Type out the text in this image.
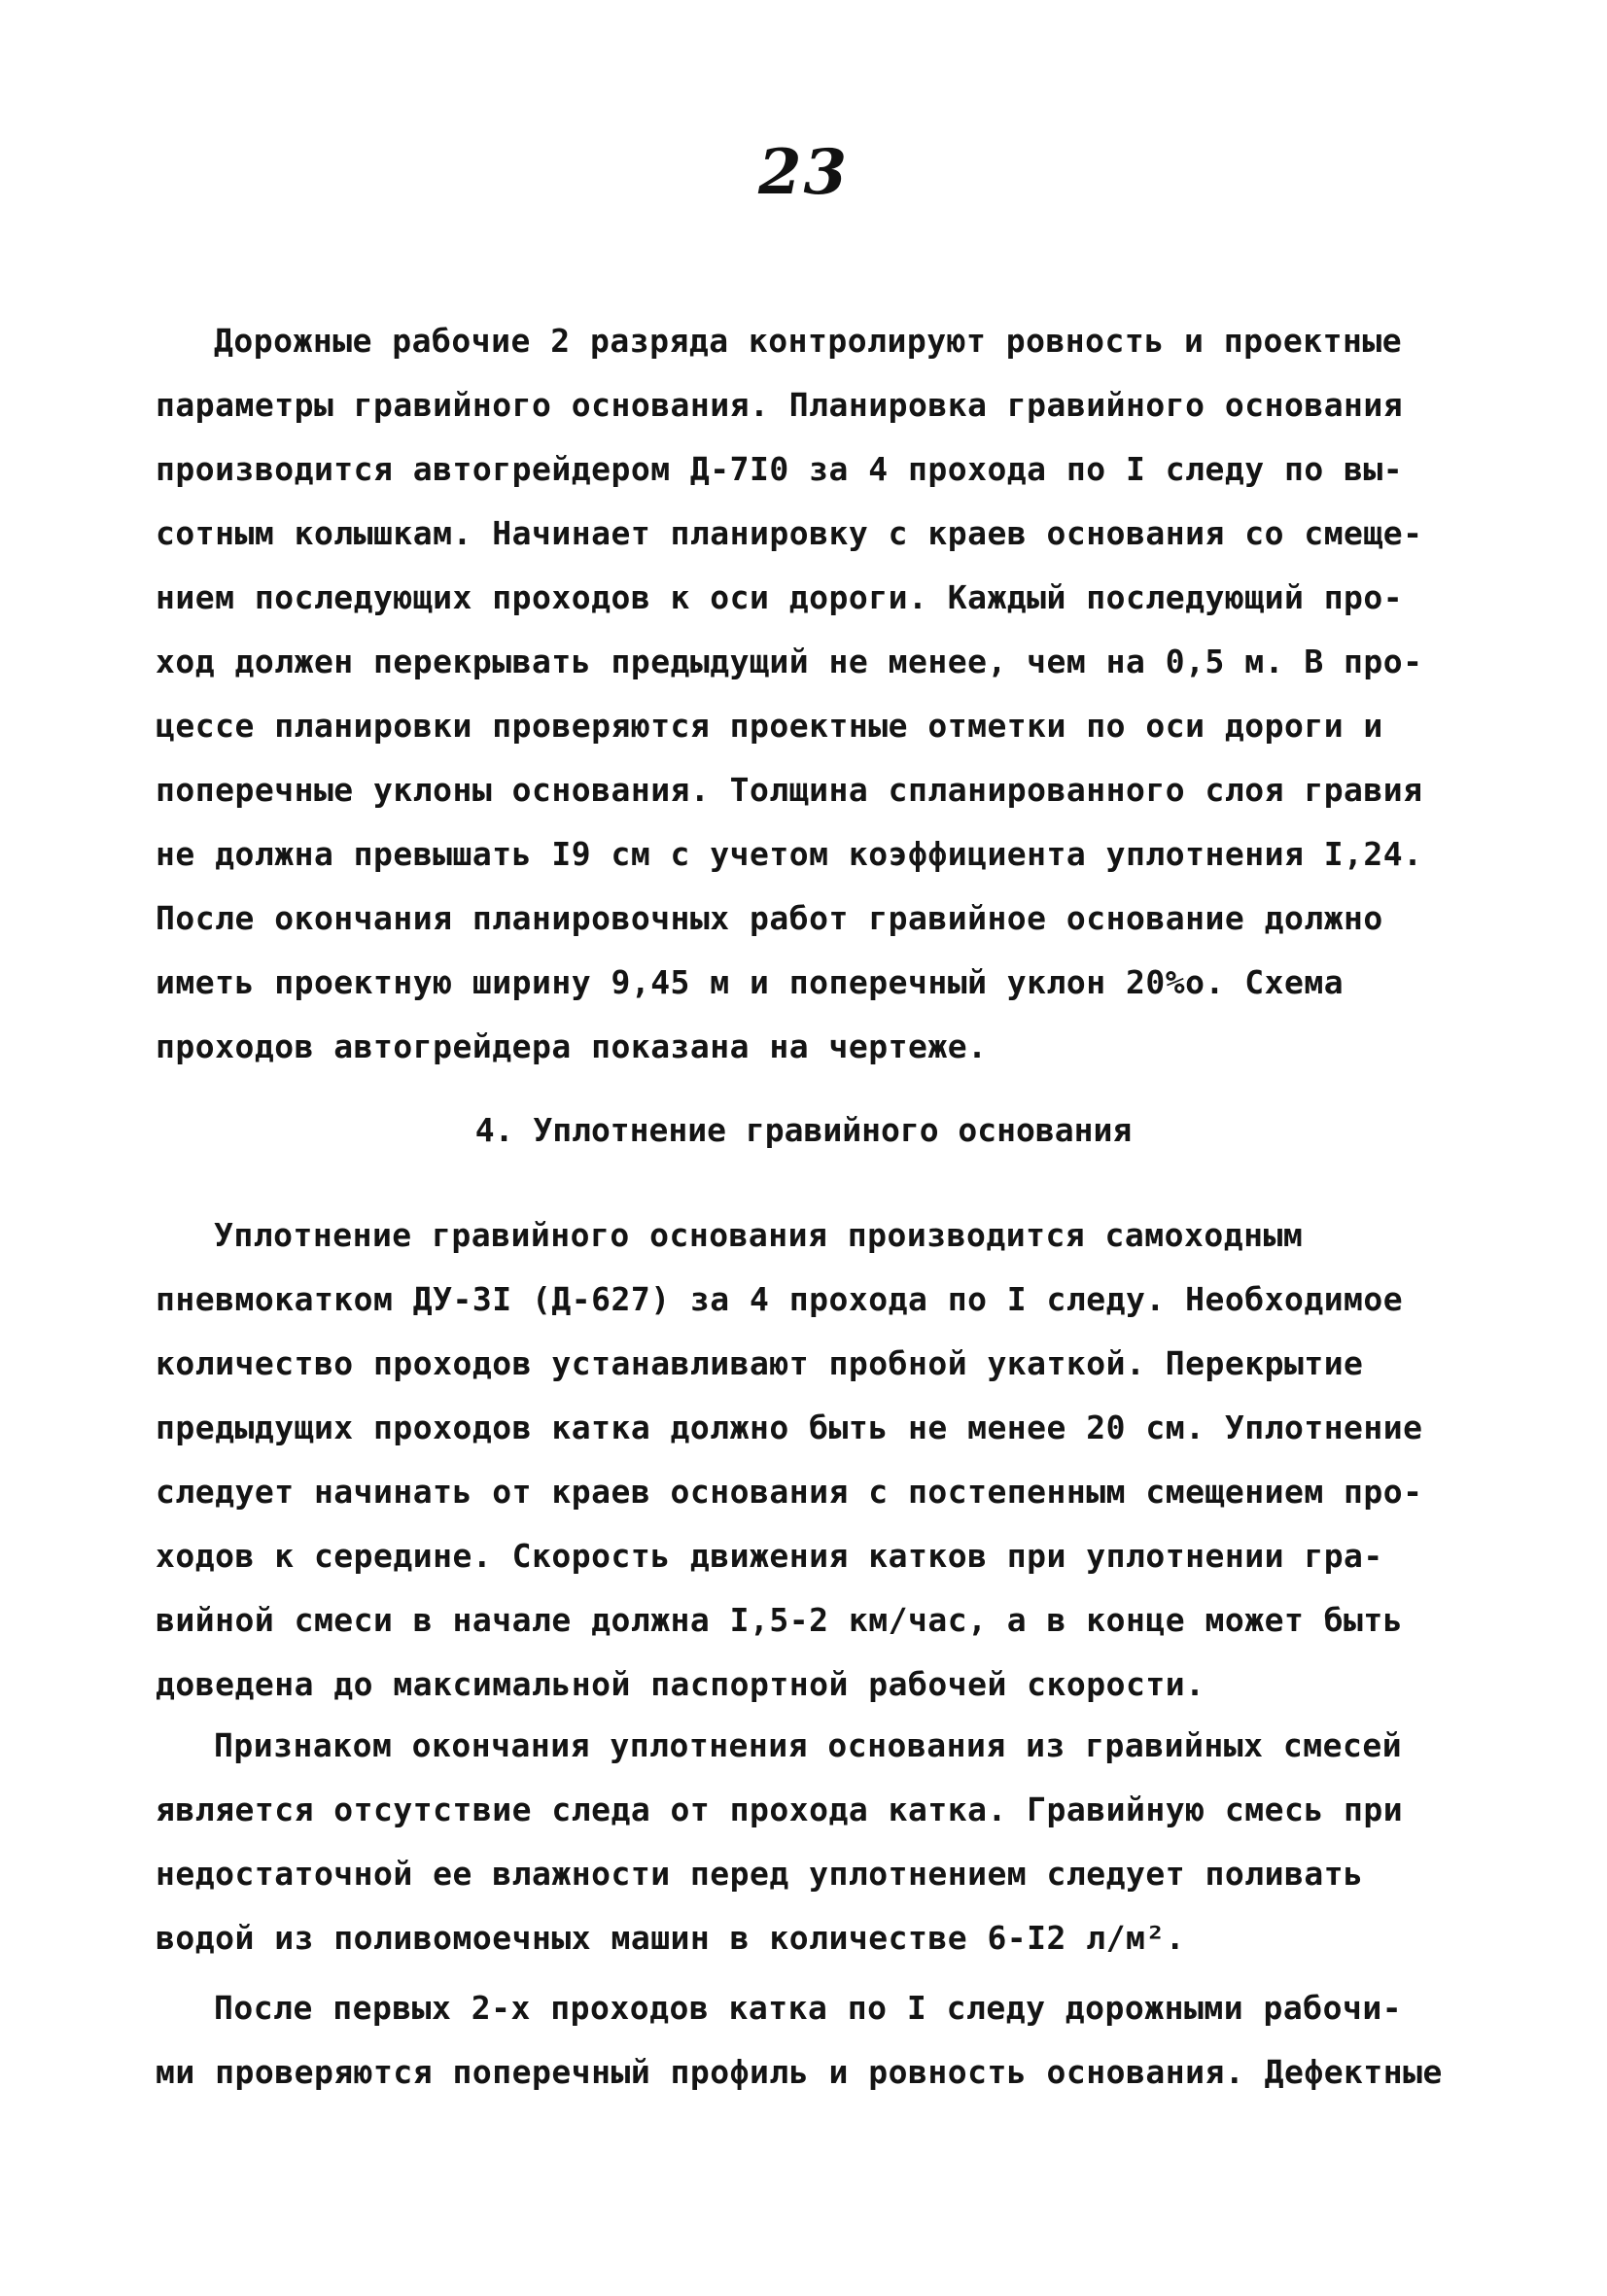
23
Дорожные рабочие 2 разряда контролируют ровность и проектные
параметры гравийного основания. Планировка гравийного основания
производится автогрейдером Д-7I0 за 4 прохода по I следу по вы-
сотным колышкам. Начинает планировку с краев основания со смеще-
нием последующих проходов к оси дороги. Каждый последующий про-
ход должен перекрывать предыдущий не менее, чем на 0,5 м. В про-
цессе планировки проверяются проектные отметки по оси дороги и
поперечные уклоны основания. Толщина спланированного слоя гравия
не должна превышать I9 см с учетом коэффициента уплотнения I,24.
После окончания планировочных работ гравийное основание должно
иметь проектную ширину 9,45 м и поперечный уклон 20%о. Схема
проходов автогрейдера показана на чертеже.
4. Уплотнение гравийного основания
Уплотнение гравийного основания производится самоходным
пневмокатком ДУ-3I (Д-627) за 4 прохода по I следу. Необходимое
количество проходов устанавливают пробной укаткой. Перекрытие
предыдущих проходов катка должно быть не менее 20 см. Уплотнение
следует начинать от краев основания с постепенным смещением про-
ходов к середине. Скорость движения катков при уплотнении гра-
вийной смеси в начале должна I,5-2 км/час, а в конце может быть
доведена до максимальной паспортной рабочей скорости.
Признаком окончания уплотнения основания из гравийных смесей
является отсутствие следа от прохода катка. Гравийную смесь при
недостаточной ее влажности перед уплотнением следует поливать
водой из поливомоечных машин в количестве 6-I2 л/м².
После первых 2-х проходов катка по I следу дорожными рабочи-
ми проверяются поперечный профиль и ровность основания. Дефектные
